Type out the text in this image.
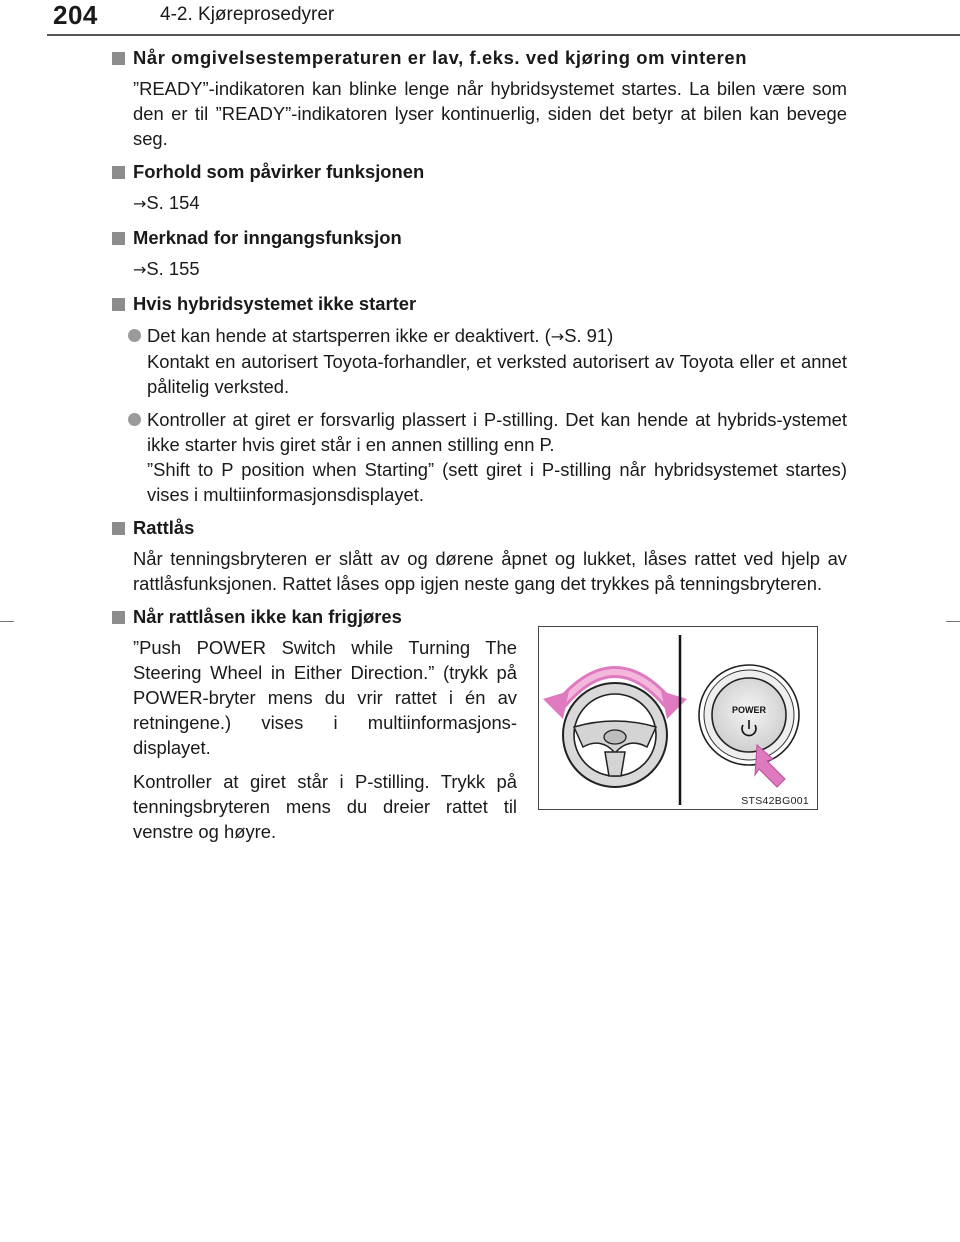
204	4-2. Kjøreprosedyrer
Når omgivelsestemperaturen er lav, f.eks. ved kjøring om vinteren
”READY”-indikatoren kan blinke lenge når hybridsystemet startes. La bilen være som den er til ”READY”-indikatoren lyser kontinuerlig, siden det betyr at bilen kan bevege seg.
Forhold som påvirker funksjonen
→S. 154
Merknad for inngangsfunksjon
→S. 155
Hvis hybridsystemet ikke starter
Det kan hende at startsperren ikke er deaktivert. (→S. 91)
Kontakt en autorisert Toyota-forhandler, et verksted autorisert av Toyota eller et annet pålitelig verksted.
Kontroller at giret er forsvarlig plassert i P-stilling. Det kan hende at hybrids-ystemet ikke starter hvis giret står i en annen stilling enn P.
”Shift to P position when Starting” (sett giret i P-stilling når hybridsystemet startes) vises i multiinformasjonsdisplayet.
Rattlås
Når tenningsbryteren er slått av og dørene åpnet og lukket, låses rattet ved hjelp av rattlåsfunksjonen. Rattet låses opp igjen neste gang det trykkes på tenningsbryteren.
Når rattlåsen ikke kan frigjøres

”Push POWER Switch while Turning The Steering Wheel in Either Direction.” (trykk på POWER-bryter mens du vrir rattet i én av retningene.) vises i multiinformasjons-displayet.

Kontroller at giret står i P-stilling. Trykk på tenningsbryteren mens du dreier rattet til venstre og høyre.

POWER
STS42BG001
